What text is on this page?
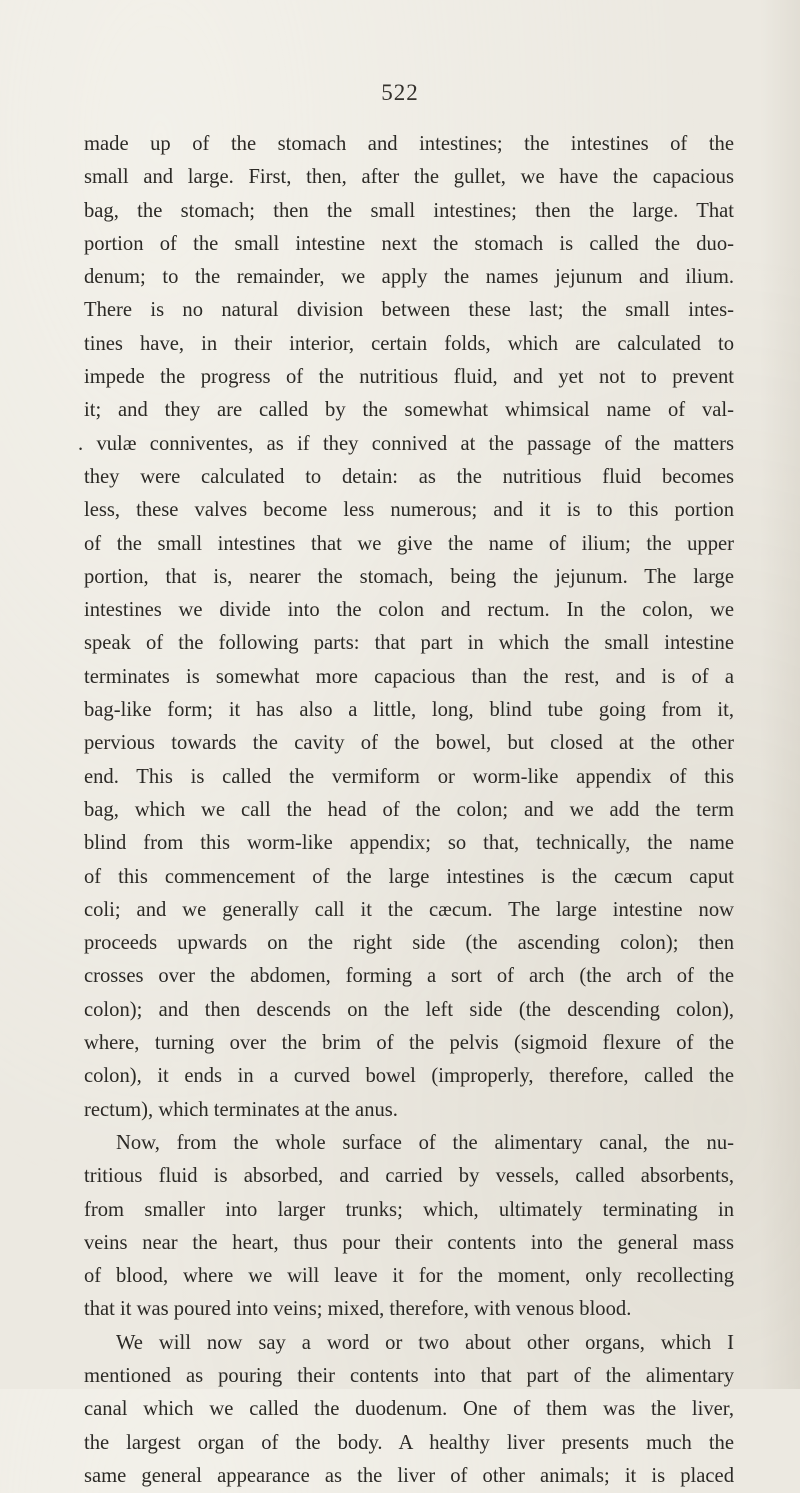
522
made up of the stomach and intestines; the intestines of the
small and large. First, then, after the gullet, we have the capacious
bag, the stomach; then the small intestines; then the large. That
portion of the small intestine next the stomach is called the duo-
denum; to the remainder, we apply the names jejunum and ilium.
There is no natural division between these last; the small intes-
tines have, in their interior, certain folds, which are calculated to
impede the progress of the nutritious fluid, and yet not to prevent
it; and they are called by the somewhat whimsical name of val-
. vulæ conniventes, as if they connived at the passage of the matters
they were calculated to detain: as the nutritious fluid becomes
less, these valves become less numerous; and it is to this portion
of the small intestines that we give the name of ilium; the upper
portion, that is, nearer the stomach, being the jejunum. The large
intestines we divide into the colon and rectum. In the colon, we
speak of the following parts: that part in which the small intestine
terminates is somewhat more capacious than the rest, and is of a
bag-like form; it has also a little, long, blind tube going from it,
pervious towards the cavity of the bowel, but closed at the other
end. This is called the vermiform or worm-like appendix of this
bag, which we call the head of the colon; and we add the term
blind from this worm-like appendix; so that, technically, the name
of this commencement of the large intestines is the cæcum caput
coli; and we generally call it the cæcum. The large intestine now
proceeds upwards on the right side (the ascending colon); then
crosses over the abdomen, forming a sort of arch (the arch of the
colon); and then descends on the left side (the descending colon),
where, turning over the brim of the pelvis (sigmoid flexure of the
colon), it ends in a curved bowel (improperly, therefore, called the
rectum), which terminates at the anus.
Now, from the whole surface of the alimentary canal, the nu-
tritious fluid is absorbed, and carried by vessels, called absorbents,
from smaller into larger trunks; which, ultimately terminating in
veins near the heart, thus pour their contents into the general mass
of blood, where we will leave it for the moment, only recollecting
that it was poured into veins; mixed, therefore, with venous blood.
We will now say a word or two about other organs, which I
mentioned as pouring their contents into that part of the alimentary
canal which we called the duodenum. One of them was the liver,
the largest organ of the body. A healthy liver presents much the
same general appearance as the liver of other animals; it is placed
